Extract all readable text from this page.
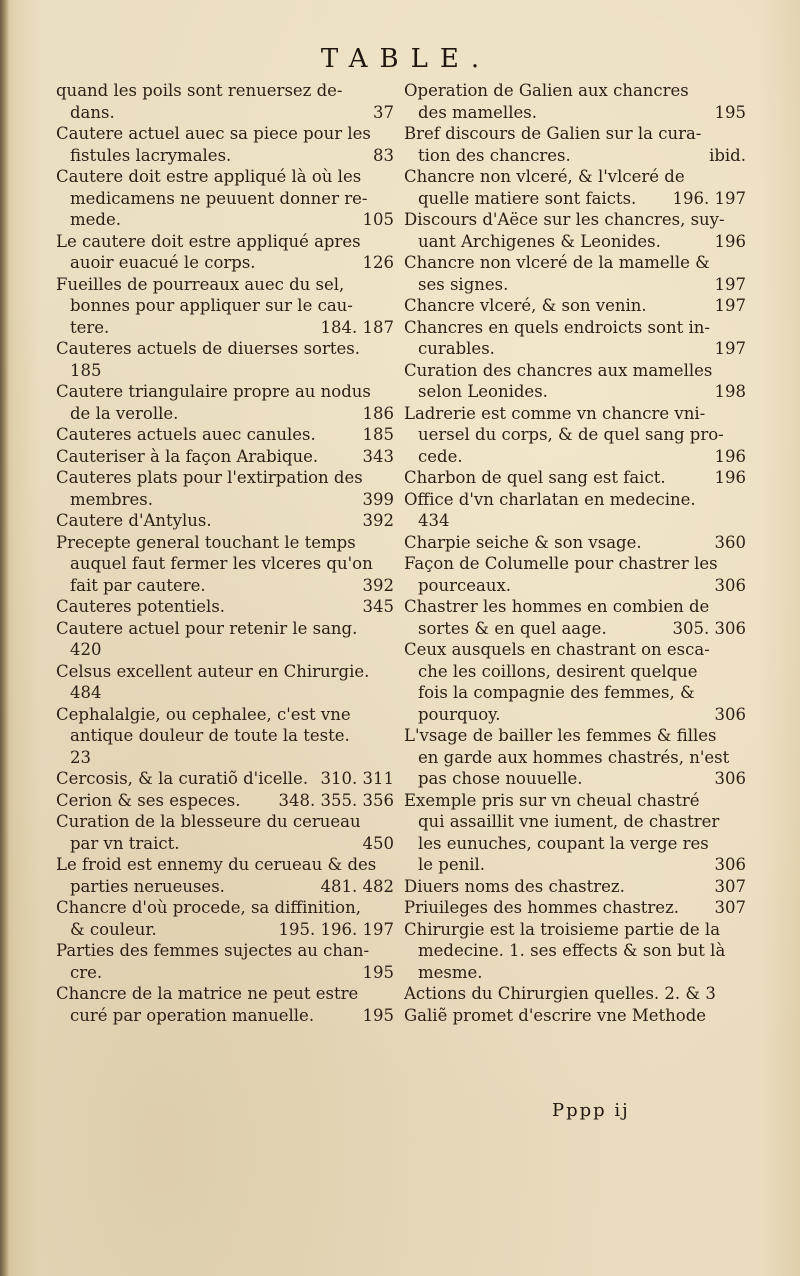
TABLE.
quand les poils sont renuersez de-
dans.	37
Cautere actuel auec sa piece pour les
fistules lacrymales.	83
Cautere doit estre appliqué là où les
medicamens ne peuuent donner re-
mede.	105
Le cautere doit estre appliqué apres
auoir euacué le corps.	126
Fueilles de pourreaux auec du sel,
bonnes pour appliquer sur le cau-
tere.	184. 187
Cauteres actuels de diuerses sortes.
185
Cautere triangulaire propre au nodus
de la verolle.	186
Cauteres actuels auec canules.	185
Cauteriser à la façon Arabique.	343
Cauteres plats pour l'extirpation des
membres.	399
Cautere d'Antylus.	392
Precepte general touchant le temps
auquel faut fermer les vlceres qu'on
fait par cautere.	392
Cauteres potentiels.	345
Cautere actuel pour retenir le sang.
420
Celsus excellent auteur en Chirurgie.
484
Cephalalgie, ou cephalee, c'est vne
antique douleur de toute la teste.
23
Cercosis, & la curatiõ d'icelle. 310. 311
Cerion & ses especes.	348. 355. 356
Curation de la blesseure du cerueau
par vn traict.	450
Le froid est ennemy du cerueau & des
parties nerueuses.	481. 482
Chancre d'où procede, sa diffinition,
& couleur.	195. 196. 197
Parties des femmes sujectes au chan-
cre.	195
Chancre de la matrice ne peut estre
curé par operation manuelle.	195
Operation de Galien aux chancres
des mamelles.	195
Bref discours de Galien sur la cura-
tion des chancres.	ibid.
Chancre non vlceré, & l'vlceré de
quelle matiere sont faicts.	196. 197
Discours d'Aëce sur les chancres, suy-
uant Archigenes & Leonides.	196
Chancre non vlceré de la mamelle &
ses signes.	197
Chancre vlceré, & son venin.	197
Chancres en quels endroicts sont in-
curables.	197
Curation des chancres aux mamelles
selon Leonides.	198
Ladrerie est comme vn chancre vni-
uersel du corps, & de quel sang pro-
cede.	196
Charbon de quel sang est faict.	196
Office d'vn charlatan en medecine.
434
Charpie seiche & son vsage.	360
Façon de Columelle pour chastrer les
pourceaux.	306
Chastrer les hommes en combien de
sortes & en quel aage.	305. 306
Ceux ausquels en chastrant on esca-
che les coillons, desirent quelque
fois la compagnie des femmes, &
pourquoy.	306
L'vsage de bailler les femmes & filles
en garde aux hommes chastrés, n'est
pas chose nouuelle.	306
Exemple pris sur vn cheual chastré
qui assaillit vne iument, de chastrer
les eunuches, coupant la verge res
le penil.	306
Diuers noms des chastrez.	307
Priuileges des hommes chastrez.	307
Chirurgie est la troisieme partie de la
medecine. 1. ses effects & son but là
mesme.
Actions du Chirurgien quelles. 2. & 3
Galiẽ promet d'escrire vne Methode
Pppp ij
